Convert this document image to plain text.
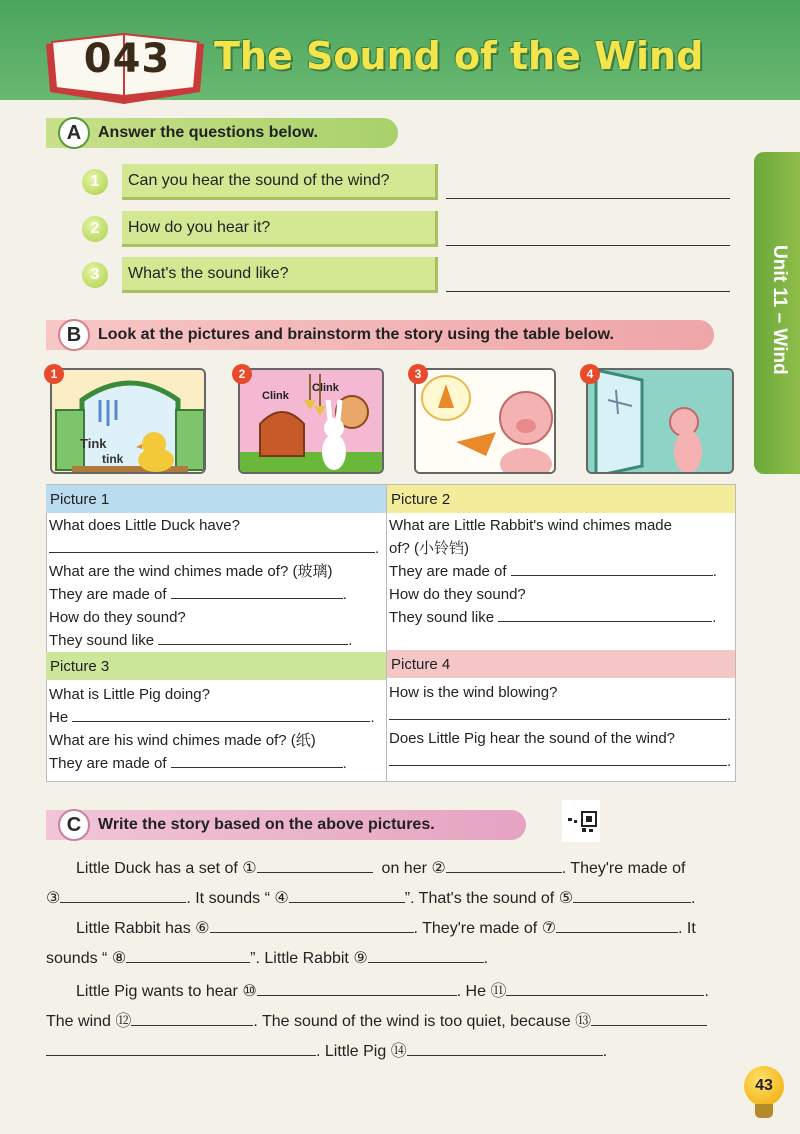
043 The Sound of the Wind
Unit 11 – Wind
Answer the questions below.
A
1	Can you hear the sound of the wind?
2	How do you hear it?
3	What's the sound like?
Look at the pictures and brainstorm the story using the table below.
B
Tink
tink
1
Clink
Clink
2	3	4
Picture 1
What does Little Duck have?
.
What are the wind chimes made of? (玻璃)
They are made of	.
How do they sound?
They sound like	.
Picture 2
What are Little Rabbit's wind chimes made
of? (小铃铛)
They are made of	.
How do they sound?
They sound like	.
Picture 3
What is Little Pig doing?
He	.
What are his wind chimes made of? (纸)
They are made of	.
Picture 4
How is the wind blowing?
.
Does Little Pig hear the sound of the wind?
.
Write the story based on the above pictures.
C
Little Duck has a set of ①	on her ②	. They're made of
③	. It sounds “ ④	”. That's the sound of ⑤	.
Little Rabbit has ⑥	. They're made of ⑦	. It
sounds “ ⑧	”. Little Rabbit ⑨	.
Little Pig wants to hear ⑩	. He ⑪	.
The wind ⑫	. The sound of the wind is too quiet, because ⑬
. Little Pig ⑭	.
43
